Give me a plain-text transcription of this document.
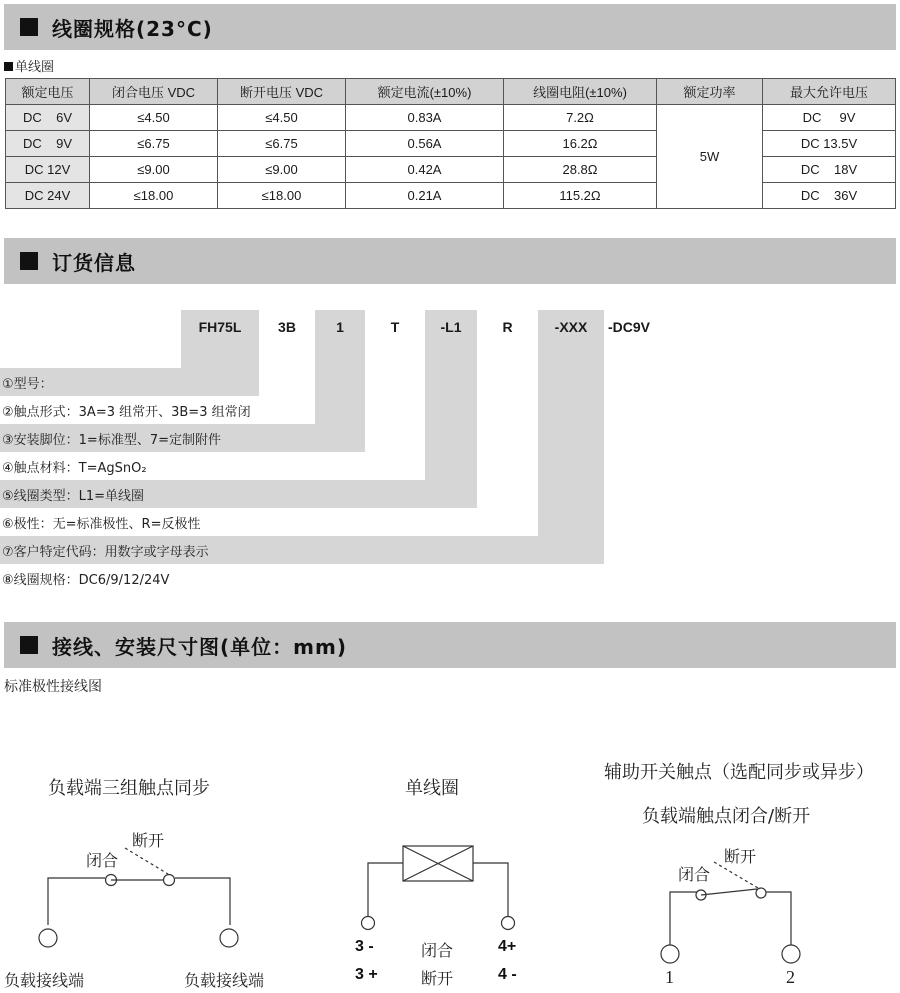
线圈规格(23°C)
单线圈
额定电压	闭合电压 VDC	断开电压 VDC	额定电流(±10%)	线圈电阻(±10%)	额定功率	最大允许电压
DC    6V	≤4.50	≤4.50	0.83A	7.2Ω	5W	DC     9V
DC    9V	≤6.75	≤6.75	0.56A	16.2Ω		DC 13.5V
DC 12V	≤9.00	≤9.00	0.42A	28.8Ω		DC    18V
DC 24V	≤18.00	≤18.00	0.21A	115.2Ω		DC    36V
订货信息
FH75L	3B	1	T	-L1	R	-XXX	-DC9V
①型号：
②触点形式：3A=3 组常开、3B=3 组常闭
③安装脚位：1=标准型、7=定制附件
④触点材料：T=AgSnO₂
⑤线圈类型：L1=单线圈
⑥极性：无=标准极性、R=反极性
⑦客户特定代码：用数字或字母表示
⑧线圈规格：DC6/9/12/24V
接线、安装尺寸图(单位：mm)
标准极性接线图
负载端三组触点同步
断开
闭合
负载接线端	负载接线端
单线圈
3 -	闭合	4+
3 +	断开	4 -
辅助开关触点（选配同步或异步）
负载端触点闭合/断开
断开
闭合
1	2
